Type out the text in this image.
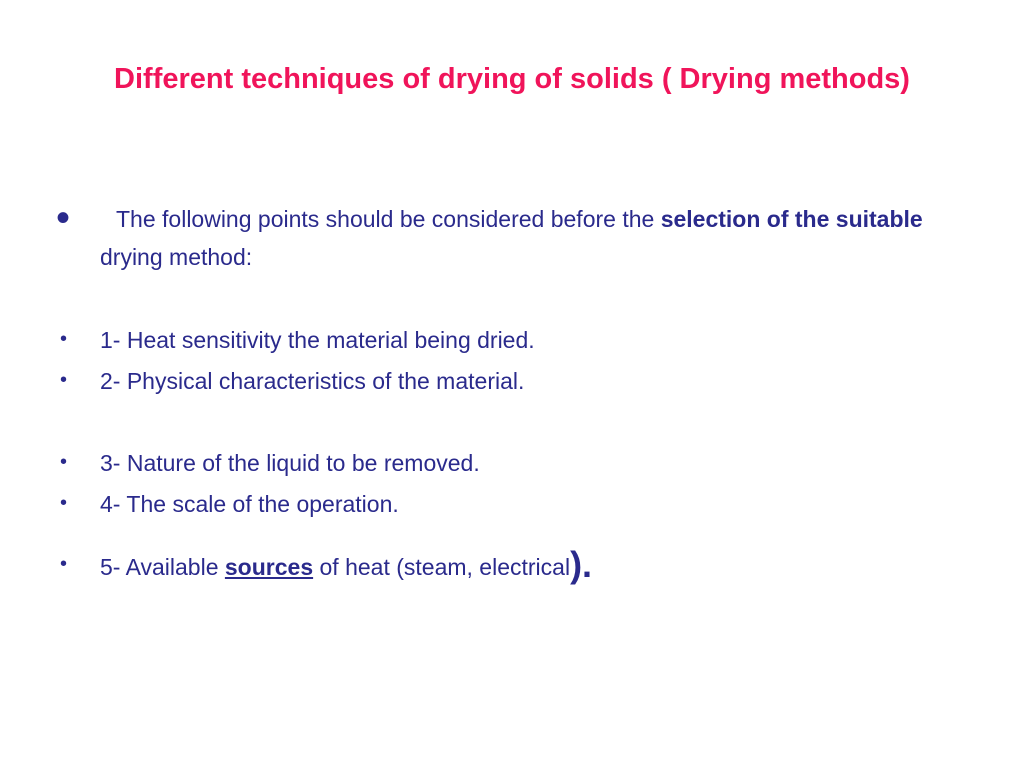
Different techniques of drying of solids ( Drying methods)
•	The following points should be considered before the selection of the suitable drying method:
• 1- Heat sensitivity the material being dried.
• 2- Physical characteristics of the material.
• 3- Nature of the liquid to be removed.
• 4- The scale of the operation.
• 5- Available sources of heat (steam, electrical).
